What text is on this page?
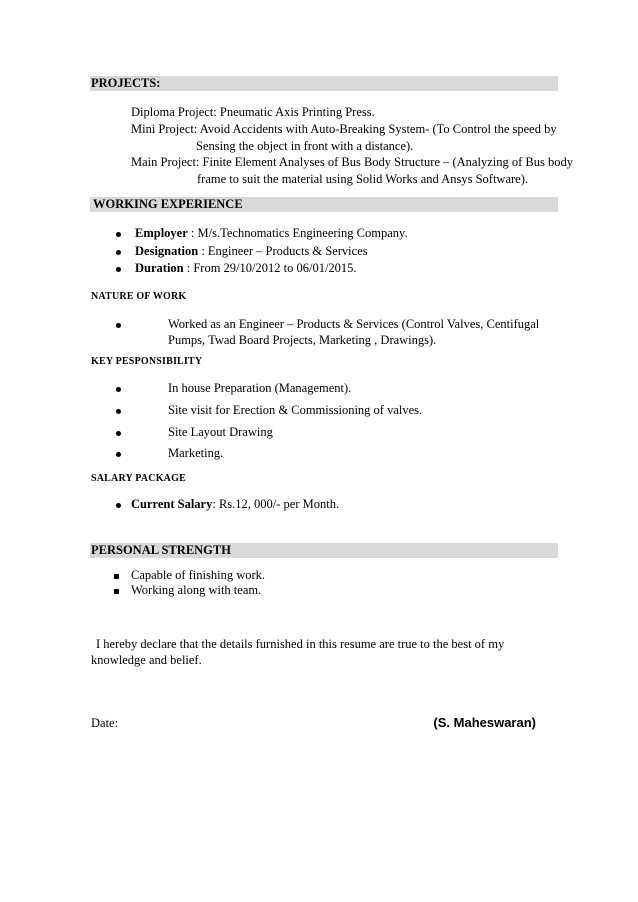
PROJECTS:
Diploma Project: Pneumatic Axis Printing Press.
Mini Project: Avoid Accidents with Auto-Breaking System- (To Control the speed by
Sensing the object in front with a distance).
Main Project: Finite Element Analyses of Bus Body Structure – (Analyzing of Bus body
frame to suit the material using Solid Works and Ansys Software).
WORKING EXPERIENCE
Employer : M/s.Technomatics Engineering Company.
Designation : Engineer – Products & Services
Duration : From 29/10/2012 to 06/01/2015.
NATURE OF WORK
Worked as an Engineer – Products & Services (Control Valves, Centifugal
Pumps, Twad Board Projects, Marketing , Drawings).
KEY PESPONSIBILITY
In house Preparation (Management).
Site visit for Erection & Commissioning of valves.
Site Layout Drawing
Marketing.
SALARY PACKAGE
Current Salary: Rs.12, 000/- per Month.
PERSONAL STRENGTH
Capable of finishing work.
Working along with team.
I hereby declare that the details furnished in this resume are true to the best of my
knowledge and belief.
Date:	(S. Maheswaran)
